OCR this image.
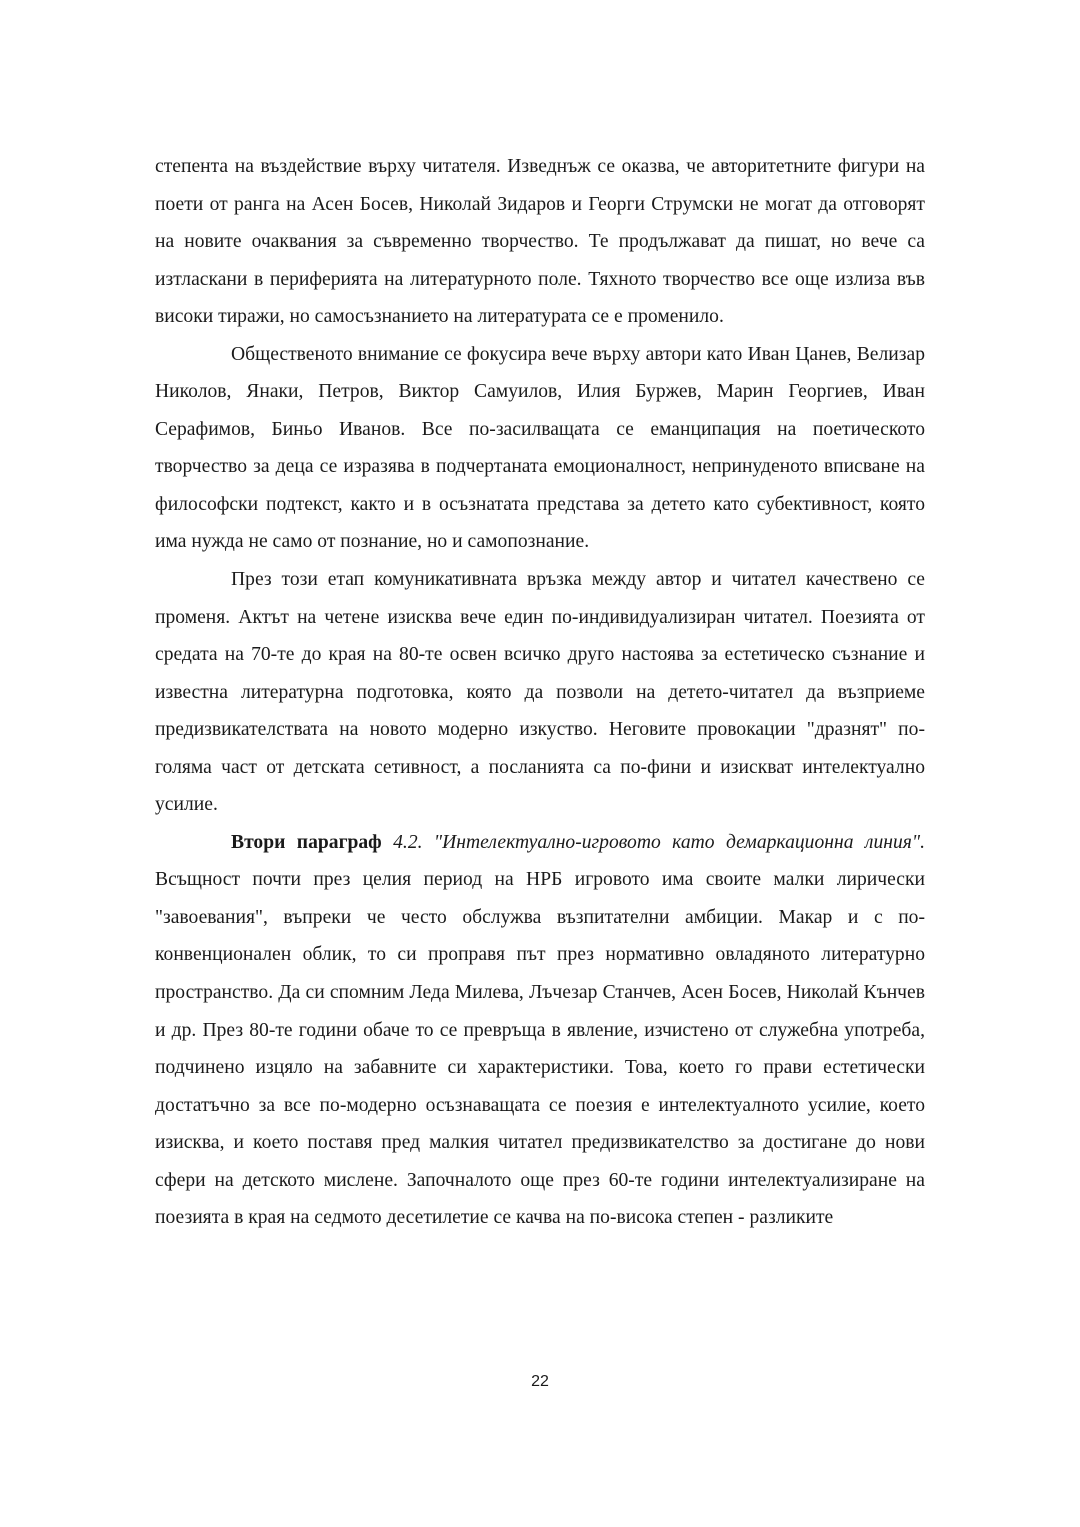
степента на въздействие върху читателя. Изведнъж се оказва, че авторитетните фигури на поети от ранга на Асен Босев, Николай Зидаров и Георги Струмски не могат да отговорят на новите очаквания за съвременно творчество. Те продължават да пишат, но вече са изтласкани в периферията на литературното поле. Тяхното творчество все още излиза във високи тиражи, но самосъзнанието на литературата се е променило.

Общественото внимание се фокусира вече върху автори като Иван Цанев, Велизар Николов, Янаки, Петров, Виктор Самуилов, Илия Буржев, Марин Георгиев, Иван Серафимов, Биньо Иванов. Все по-засилващата се еманципация на поетическото творчество за деца се изразява в подчертаната емоционалност, непринуденото вписване на философски подтекст, както и в осъзнатата представа за детето като субективност, която има нужда не само от познание, но и самопознание.

През този етап комуникативната връзка между автор и читател качествено се променя. Актът на четене изисква вече един по-индивидуализиран читател. Поезията от средата на 70-те до края на 80-те освен всичко друго настоява за естетическо съзнание и известна литературна подготовка, която да позволи на детето-читател да възприеме предизвикателствата на новото модерно изкуство. Неговите провокации "дразнят" по-голяма част от детската сетивност, а посланията са по-фини и изискват интелектуално усилие.

Втори параграф 4.2. "Интелектуално-игровото като демаркационна линия". Всъщност почти през целия период на НРБ игровото има своите малки лирически "завоевания", въпреки че често обслужва възпитателни амбиции. Макар и с по-конвенционален облик, то си проправя път през нормативно овладяното литературно пространство. Да си спомним Леда Милева, Лъчезар Станчев, Асен Босев, Николай Кънчев и др. През 80-те години обаче то се превръща в явление, изчистено от служебна употреба, подчинено изцяло на забавните си характеристики. Това, което го прави естетически достатъчно за все по-модерно осъзнаващата се поезия е интелектуалното усилие, което изисква, и което поставя пред малкия читател предизвикателство за достигане до нови сфери на детското мислене. Започналото още през 60-те години интелектуализиране на поезията в края на седмото десетилетие се качва на по-висока степен - разликите

22
